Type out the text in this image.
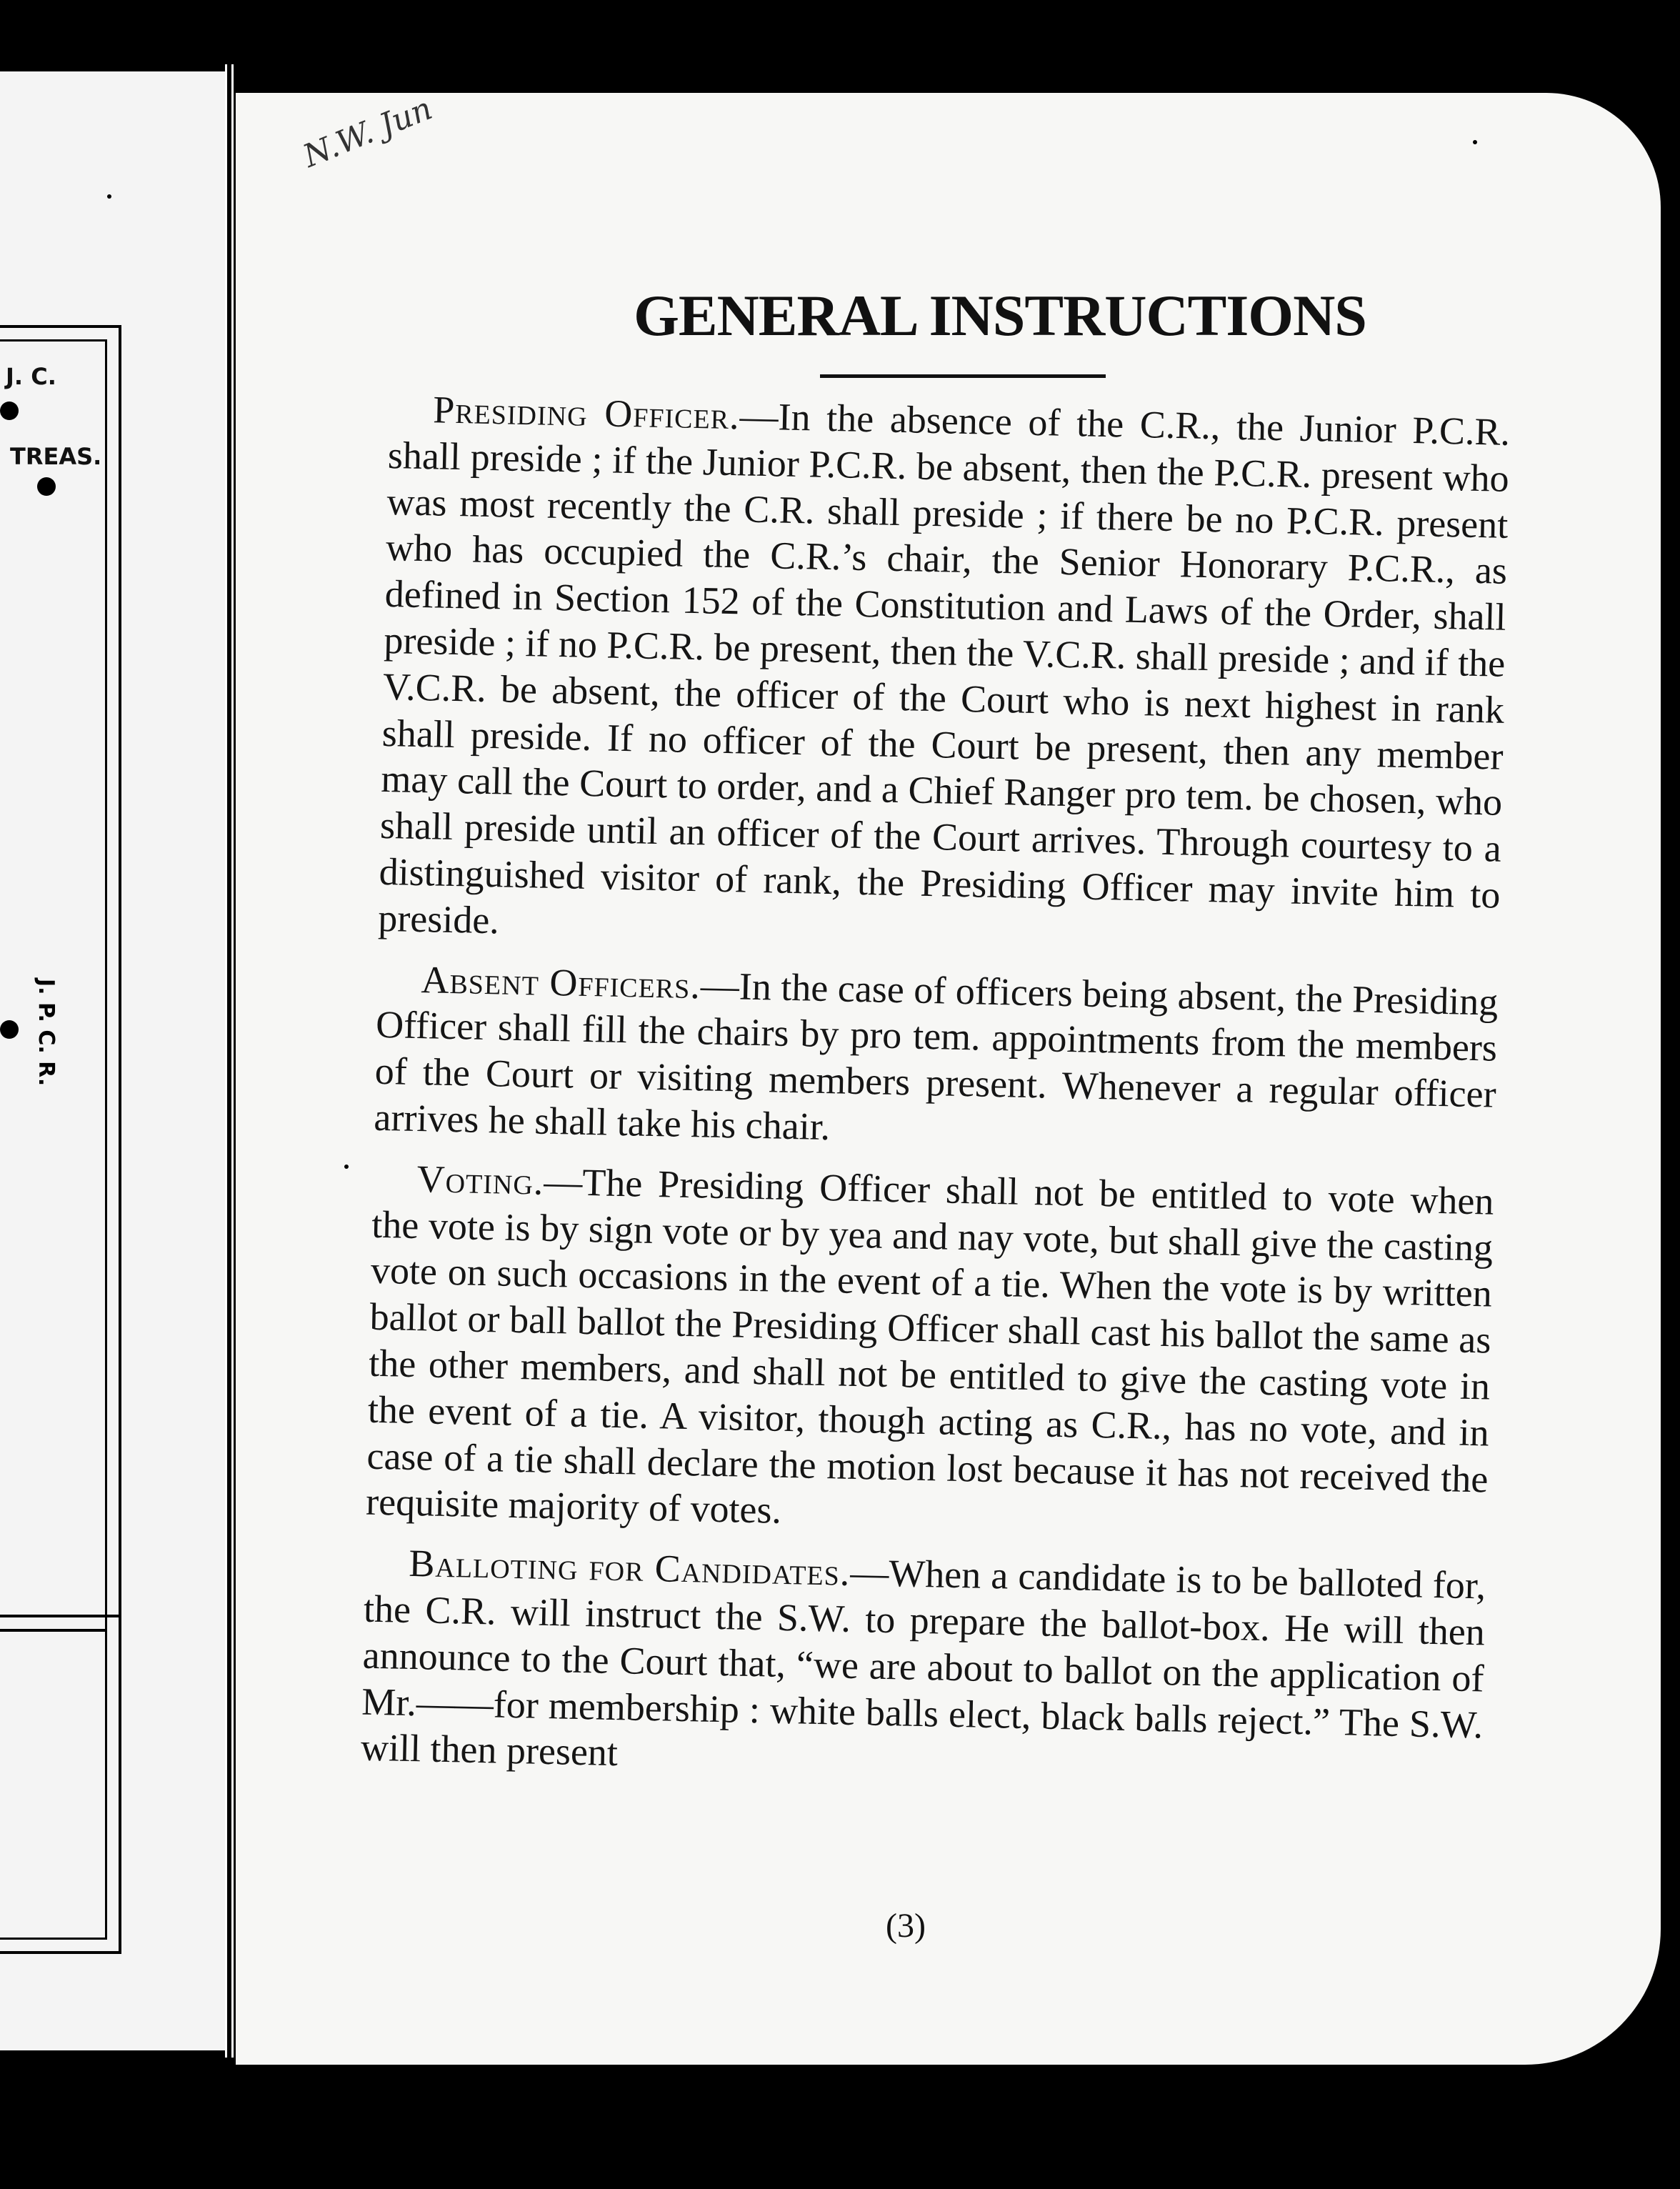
J. C.
TREAS.
J. P. C. R.
N.W. Jun
GENERAL INSTRUCTIONS

Presiding Officer.—In the absence of the C.R., the Junior P.C.R. shall preside ; if the Junior P.C.R. be absent, then the P.C.R. present who was most recently the C.R. shall preside ; if there be no P.C.R. present who has occupied the C.R.’s chair, the Senior Honorary P.C.R., as defined in Section 152 of the Constitution and Laws of the Order, shall preside ; if no P.C.R. be present, then the V.C.R. shall preside ; and if the V.C.R. be absent, the officer of the Court who is next highest in rank shall preside. If no officer of the Court be present, then any member may call the Court to order, and a Chief Ranger pro tem. be chosen, who shall preside until an officer of the Court arrives. Through courtesy to a distinguished visitor of rank, the Presiding Officer may invite him to preside.

Absent Officers.—In the case of officers being absent, the Presiding Officer shall fill the chairs by pro tem. appointments from the members of the Court or visiting members present. Whenever a regular officer arrives he shall take his chair.

Voting.—The Presiding Officer shall not be entitled to vote when the vote is by sign vote or by yea and nay vote, but shall give the casting vote on such occasions in the event of a tie. When the vote is by written ballot or ball ballot the Presiding Officer shall cast his ballot the same as the other members, and shall not be entitled to give the casting vote in the event of a tie. A visitor, though acting as C.R., has no vote, and in case of a tie shall declare the motion lost because it has not received the requisite majority of votes.

Balloting for Candidates.—When a candidate is to be balloted for, the C.R. will instruct the S.W. to prepare the ballot-box. He will then announce to the Court that, “we are about to ballot on the application of Mr.——for membership : white balls elect, black balls reject.” The S.W. will then present

(3)
